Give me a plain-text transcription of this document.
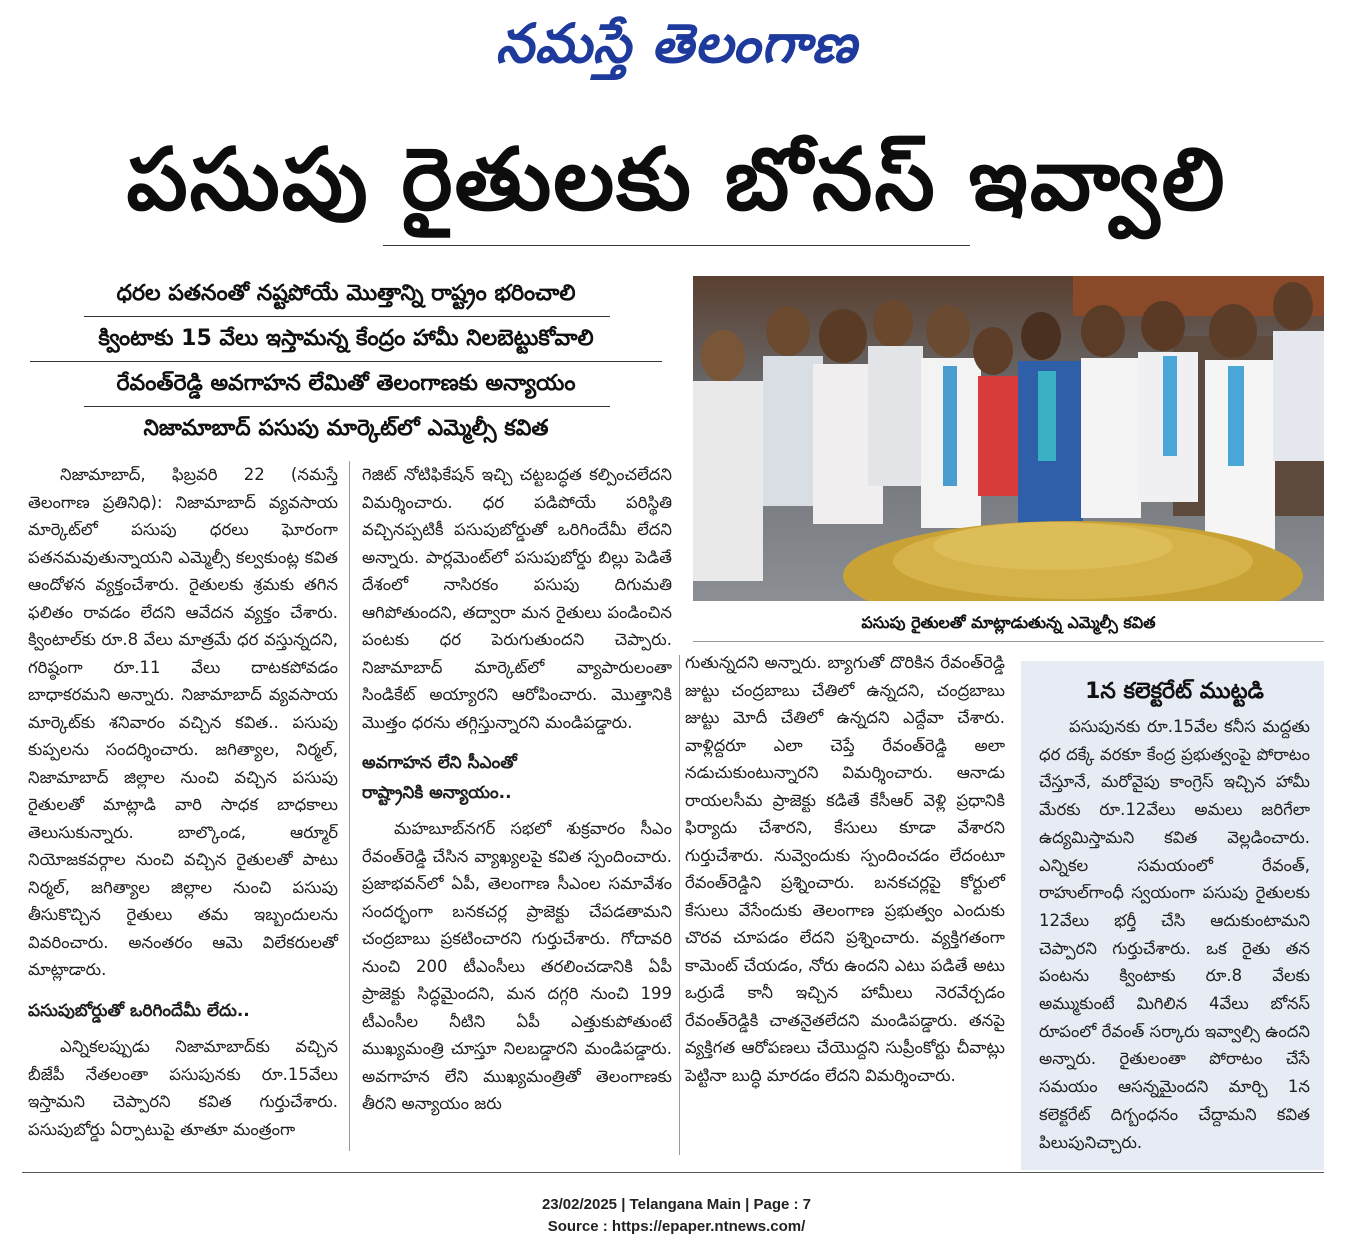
నమస్తే తెలంగాణ
పసుపు రైతులకు బోనస్ ఇవ్వాలి
ధరల పతనంతో నష్టపోయే మొత్తాన్ని రాష్ట్రం భరించాలి
క్వింటాకు 15 వేలు ఇస్తామన్న కేంద్రం హామీ నిలబెట్టుకోవాలి
రేవంత్‌రెడ్డి అవగాహన లేమితో తెలంగాణకు అన్యాయం
నిజామాబాద్ పసుపు మార్కెట్‌లో ఎమ్మెల్సీ కవిత
పసుపు రైతులతో మాట్లాడుతున్న ఎమ్మెల్సీ కవిత

నిజామాబాద్, ఫిబ్రవరి 22 (నమస్తే తెలంగాణ ప్రతినిధి): నిజామాబాద్ వ్యవసాయ మార్కెట్‌లో పసుపు ధరలు ఘోరంగా పతనమవుతున్నాయని ఎమ్మెల్సీ కల్వకుంట్ల కవిత ఆందోళన వ్యక్తంచేశారు. రైతులకు శ్రమకు తగిన ఫలితం రావడం లేదని ఆవేదన వ్యక్తం చేశారు. క్వింటాల్‌కు రూ.8 వేలు మాత్రమే ధర వస్తున్నదని, గరిష్ఠంగా రూ.11 వేలు దాటకపోవడం బాధాకరమని అన్నారు. నిజామాబాద్ వ్యవసాయ మార్కెట్‌కు శనివారం వచ్చిన కవిత.. పసుపు కుప్పలను సందర్శించారు. జగిత్యాల, నిర్మల్, నిజామాబాద్ జిల్లాల నుంచి వచ్చిన పసుపు రైతులతో మాట్లాడి వారి సాధక బాధకాలు తెలుసుకున్నారు. బాల్కొండ, ఆర్మూర్ నియోజకవర్గాల నుంచి వచ్చిన రైతులతో పాటు నిర్మల్, జగిత్యాల జిల్లాల నుంచి పసుపు తీసుకొచ్చిన రైతులు తమ ఇబ్బందులను వివరించారు. అనంతరం ఆమె విలేకరులతో మాట్లాడారు.

పసుపుబోర్డుతో ఒరిగిందేమీ లేదు..

ఎన్నికలప్పుడు నిజామాబాద్‌కు వచ్చిన బీజేపీ నేతలంతా పసుపునకు రూ.15వేలు ఇస్తామని చెప్పారని కవిత గుర్తుచేశారు. పసుపుబోర్డు ఏర్పాటుపై తూతూ మంత్రంగా

గెజిట్ నోటిఫికేషన్ ఇచ్చి చట్టబద్ధత కల్పించలేదని విమర్శించారు. ధర పడిపోయే పరిస్థితి వచ్చినప్పటికీ పసుపుబోర్డుతో ఒరిగిందేమీ లేదని అన్నారు. పార్లమెంట్‌లో పసుపుబోర్డు బిల్లు పెడితే దేశంలో నాసిరకం పసుపు దిగుమతి ఆగిపోతుందని, తద్వారా మన రైతులు పండించిన పంటకు ధర పెరుగుతుందని చెప్పారు. నిజామాబాద్ మార్కెట్‌లో వ్యాపారులంతా సిండికేట్ అయ్యారని ఆరోపించారు. మొత్తానికి మొత్తం ధరను తగ్గిస్తున్నారని మండిపడ్డారు.

అవగాహన లేని సీఎంతో

రాష్ట్రానికి అన్యాయం..

మహబూబ్‌నగర్ సభలో శుక్రవారం సీఎం రేవంత్‌రెడ్డి చేసిన వ్యాఖ్యలపై కవిత స్పందించారు. ప్రజాభవన్‌లో ఏపీ, తెలంగాణ సీఎంల సమావేశం సందర్భంగా బనకచర్ల ప్రాజెక్టు చేపడతామని చంద్రబాబు ప్రకటించారని గుర్తుచేశారు. గోదావరి నుంచి 200 టీఎంసీలు తరలించడానికి ఏపీ ప్రాజెక్టు సిద్ధమైందని, మన దగ్గరి నుంచి 199 టీఎంసీల నీటిని ఏపీ ఎత్తుకుపోతుంటే ముఖ్యమంత్రి చూస్తూ నిలబడ్డారని మండిపడ్డారు. అవగాహన లేని ముఖ్యమంత్రితో తెలంగాణకు తీరని అన్యాయం జరు

గుతున్నదని అన్నారు. బ్యాగుతో దొరికిన రేవంత్‌రెడ్డి జుట్టు చంద్రబాబు చేతిలో ఉన్నదని, చంద్రబాబు జుట్టు మోదీ చేతిలో ఉన్నదని ఎద్దేవా చేశారు. వాళ్లిద్దరూ ఎలా చెప్తే రేవంత్‌రెడ్డి అలా నడుచుకుంటున్నారని విమర్శించారు. ఆనాడు రాయలసీమ ప్రాజెక్టు కడితే కేసీఆర్ వెళ్లి ప్రధానికి ఫిర్యాదు చేశారని, కేసులు కూడా వేశారని గుర్తుచేశారు. నువ్వెందుకు స్పందించడం లేదంటూ రేవంత్‌రెడ్డిని ప్రశ్నించారు. బనకచర్లపై కోర్టులో కేసులు వేసేందుకు తెలంగాణ ప్రభుత్వం ఎందుకు చొరవ చూపడం లేదని ప్రశ్నించారు. వ్యక్తిగతంగా కామెంట్ చేయడం, నోరు ఉందని ఎటు పడితే అటు ఒర్రుడే కానీ ఇచ్చిన హామీలు నెరవేర్చడం రేవంత్‌రెడ్డికి చాతనైతలేదని మండిపడ్డారు. తనపై వ్యక్తిగత ఆరోపణలు చేయొద్దని సుప్రీంకోర్టు చీవాట్లు పెట్టినా బుద్ధి మారడం లేదని విమర్శించారు.

1న కలెక్టరేట్ ముట్టడి

పసుపునకు రూ.15వేల కనీస మద్దతు ధర దక్కే వరకూ కేంద్ర ప్రభుత్వంపై పోరాటం చేస్తూనే, మరోవైపు కాంగ్రెస్ ఇచ్చిన హామీ మేరకు రూ.12వేలు అమలు జరిగేలా ఉద్యమిస్తామని కవిత వెల్లడించారు. ఎన్నికల సమయంలో రేవంత్, రాహుల్‌గాంధీ స్వయంగా పసుపు రైతులకు 12వేలు భర్తీ చేసి ఆదుకుంటామని చెప్పారని గుర్తుచేశారు. ఒక రైతు తన పంటను క్వింటాకు రూ.8 వేలకు అమ్ముకుంటే మిగిలిన 4వేలు బోనస్ రూపంలో రేవంత్ సర్కారు ఇవ్వాల్సి ఉందని అన్నారు. రైతులంతా పోరాటం చేసే సమయం ఆసన్నమైందని మార్చి 1న కలెక్టరేట్ దిగ్బంధనం చేద్దామని కవిత పిలుపునిచ్చారు.

23/02/2025 | Telangana Main | Page : 7
Source : https://epaper.ntnews.com/
